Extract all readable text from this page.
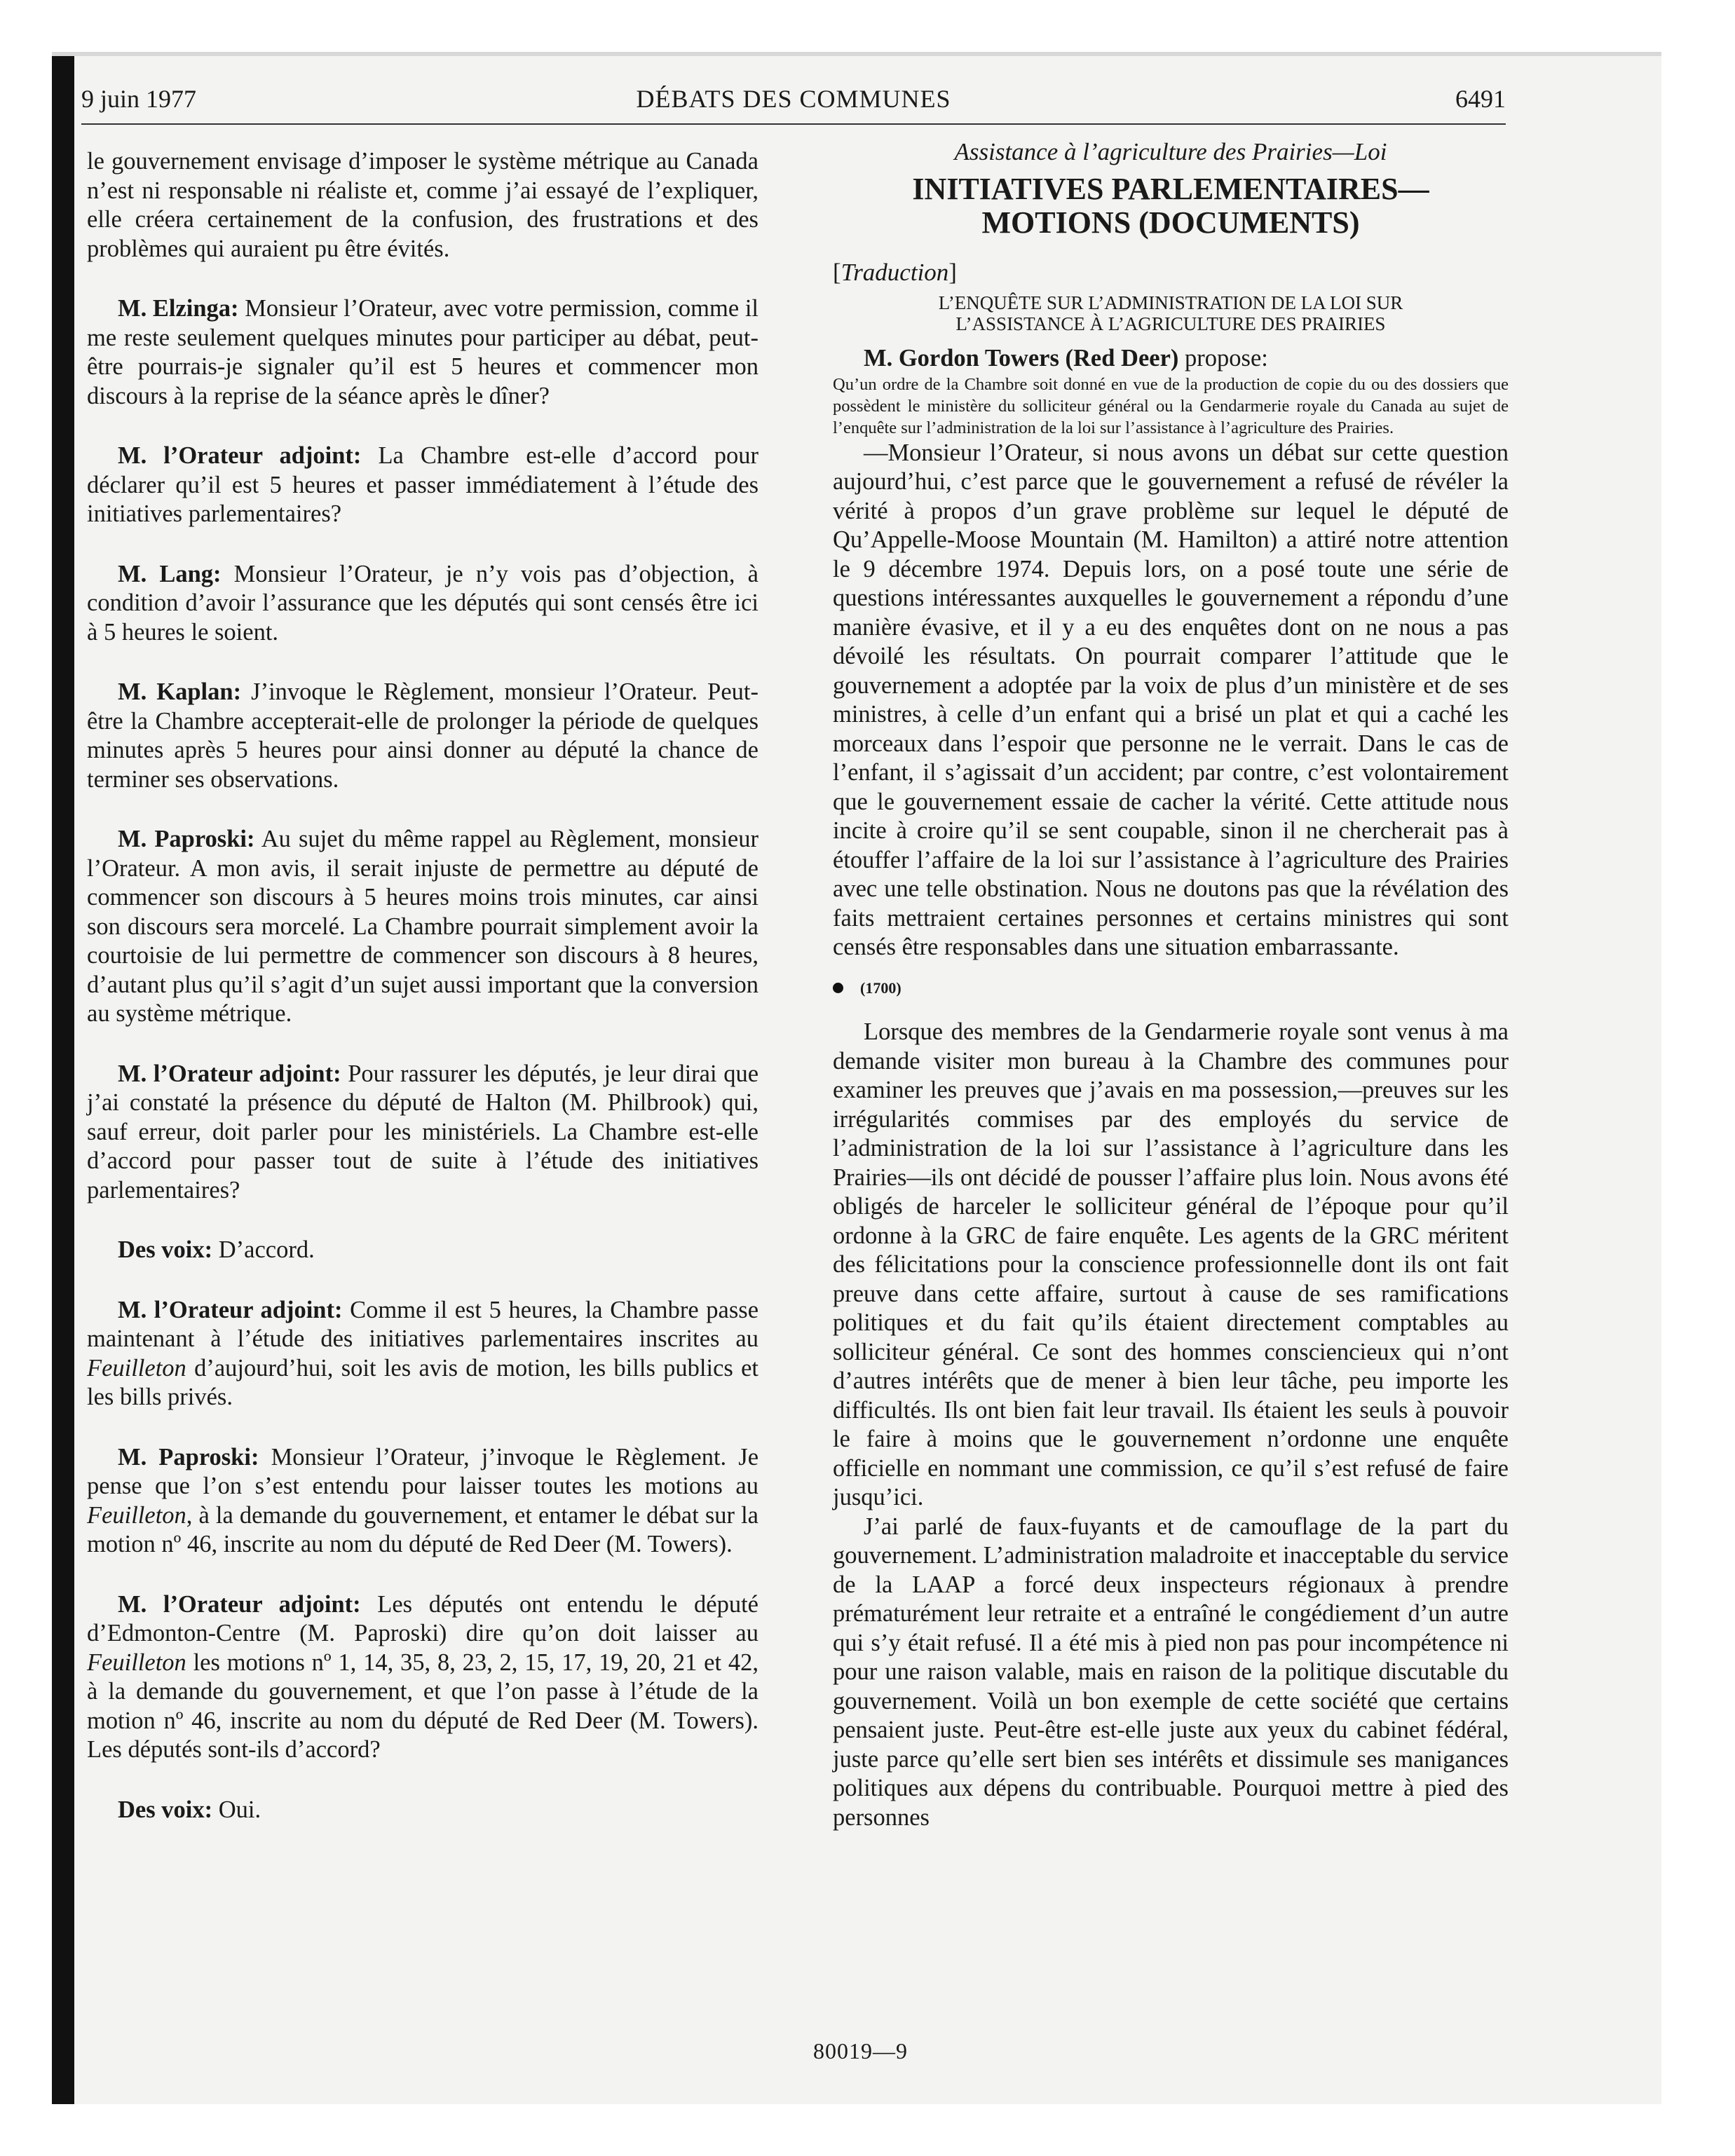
9 juin 1977	DÉBATS DES COMMUNES	6491

le gouvernement envisage d’imposer le système métrique au Canada n’est ni responsable ni réaliste et, comme j’ai essayé de l’expliquer, elle créera certainement de la confusion, des frustrations et des problèmes qui auraient pu être évités.

M. Elzinga: Monsieur l’Orateur, avec votre permission, comme il me reste seulement quelques minutes pour participer au débat, peut-être pourrais-je signaler qu’il est 5 heures et commencer mon discours à la reprise de la séance après le dîner?

M. l’Orateur adjoint: La Chambre est-elle d’accord pour déclarer qu’il est 5 heures et passer immédiatement à l’étude des initiatives parlementaires?

M. Lang: Monsieur l’Orateur, je n’y vois pas d’objection, à condition d’avoir l’assurance que les députés qui sont censés être ici à 5 heures le soient.

M. Kaplan: J’invoque le Règlement, monsieur l’Orateur. Peut-être la Chambre accepterait-elle de prolonger la période de quelques minutes après 5 heures pour ainsi donner au député la chance de terminer ses observations.

M. Paproski: Au sujet du même rappel au Règlement, monsieur l’Orateur. A mon avis, il serait injuste de permettre au député de commencer son discours à 5 heures moins trois minutes, car ainsi son discours sera morcelé. La Chambre pourrait simplement avoir la courtoisie de lui permettre de commencer son discours à 8 heures, d’autant plus qu’il s’agit d’un sujet aussi important que la conversion au système métrique.

M. l’Orateur adjoint: Pour rassurer les députés, je leur dirai que j’ai constaté la présence du député de Halton (M. Philbrook) qui, sauf erreur, doit parler pour les ministériels. La Chambre est-elle d’accord pour passer tout de suite à l’étude des initiatives parlementaires?

Des voix: D’accord.

M. l’Orateur adjoint: Comme il est 5 heures, la Chambre passe maintenant à l’étude des initiatives parlementaires inscrites au Feuilleton d’aujourd’hui, soit les avis de motion, les bills publics et les bills privés.

M. Paproski: Monsieur l’Orateur, j’invoque le Règlement. Je pense que l’on s’est entendu pour laisser toutes les motions au Feuilleton, à la demande du gouvernement, et entamer le débat sur la motion nº 46, inscrite au nom du député de Red Deer (M. Towers).

M. l’Orateur adjoint: Les députés ont entendu le député d’Edmonton-Centre (M. Paproski) dire qu’on doit laisser au Feuilleton les motions nº 1, 14, 35, 8, 23, 2, 15, 17, 19, 20, 21 et 42, à la demande du gouvernement, et que l’on passe à l’étude de la motion nº 46, inscrite au nom du député de Red Deer (M. Towers). Les députés sont-ils d’accord?

Des voix: Oui.

Assistance à l’agriculture des Prairies—Loi
INITIATIVES PARLEMENTAIRES—
MOTIONS (DOCUMENTS)
[Traduction]
L’ENQUÊTE SUR L’ADMINISTRATION DE LA LOI SUR
L’ASSISTANCE À L’AGRICULTURE DES PRAIRIES

M. Gordon Towers (Red Deer) propose:

Qu’un ordre de la Chambre soit donné en vue de la production de copie du ou des dossiers que possèdent le ministère du solliciteur général ou la Gendarmerie royale du Canada au sujet de l’enquête sur l’administration de la loi sur l’assistance à l’agriculture des Prairies.

—Monsieur l’Orateur, si nous avons un débat sur cette question aujourd’hui, c’est parce que le gouvernement a refusé de révéler la vérité à propos d’un grave problème sur lequel le député de Qu’Appelle-Moose Mountain (M. Hamilton) a attiré notre attention le 9 décembre 1974. Depuis lors, on a posé toute une série de questions intéressantes auxquelles le gouvernement a répondu d’une manière évasive, et il y a eu des enquêtes dont on ne nous a pas dévoilé les résultats. On pourrait comparer l’attitude que le gouvernement a adoptée par la voix de plus d’un ministère et de ses ministres, à celle d’un enfant qui a brisé un plat et qui a caché les morceaux dans l’espoir que personne ne le verrait. Dans le cas de l’enfant, il s’agissait d’un accident; par contre, c’est volontairement que le gouvernement essaie de cacher la vérité. Cette attitude nous incite à croire qu’il se sent coupable, sinon il ne chercherait pas à étouffer l’affaire de la loi sur l’assistance à l’agriculture des Prairies avec une telle obstination. Nous ne doutons pas que la révélation des faits mettraient certaines personnes et certains ministres qui sont censés être responsables dans une situation embarrassante.

(1700)

Lorsque des membres de la Gendarmerie royale sont venus à ma demande visiter mon bureau à la Chambre des communes pour examiner les preuves que j’avais en ma possession,—preuves sur les irrégularités commises par des employés du service de l’administration de la loi sur l’assistance à l’agriculture dans les Prairies—ils ont décidé de pousser l’affaire plus loin. Nous avons été obligés de harceler le solliciteur général de l’époque pour qu’il ordonne à la GRC de faire enquête. Les agents de la GRC méritent des félicitations pour la conscience professionnelle dont ils ont fait preuve dans cette affaire, surtout à cause de ses ramifications politiques et du fait qu’ils étaient directement comptables au solliciteur général. Ce sont des hommes consciencieux qui n’ont d’autres intérêts que de mener à bien leur tâche, peu importe les difficultés. Ils ont bien fait leur travail. Ils étaient les seuls à pouvoir le faire à moins que le gouvernement n’ordonne une enquête officielle en nommant une commission, ce qu’il s’est refusé de faire jusqu’ici.

J’ai parlé de faux-fuyants et de camouflage de la part du gouvernement. L’administration maladroite et inacceptable du service de la LAAP a forcé deux inspecteurs régionaux à prendre prématurément leur retraite et a entraîné le congédiement d’un autre qui s’y était refusé. Il a été mis à pied non pas pour incompétence ni pour une raison valable, mais en raison de la politique discutable du gouvernement. Voilà un bon exemple de cette société que certains pensaient juste. Peut-être est-elle juste aux yeux du cabinet fédéral, juste parce qu’elle sert bien ses intérêts et dissimule ses manigances politiques aux dépens du contribuable. Pourquoi mettre à pied des personnes

80019—9
